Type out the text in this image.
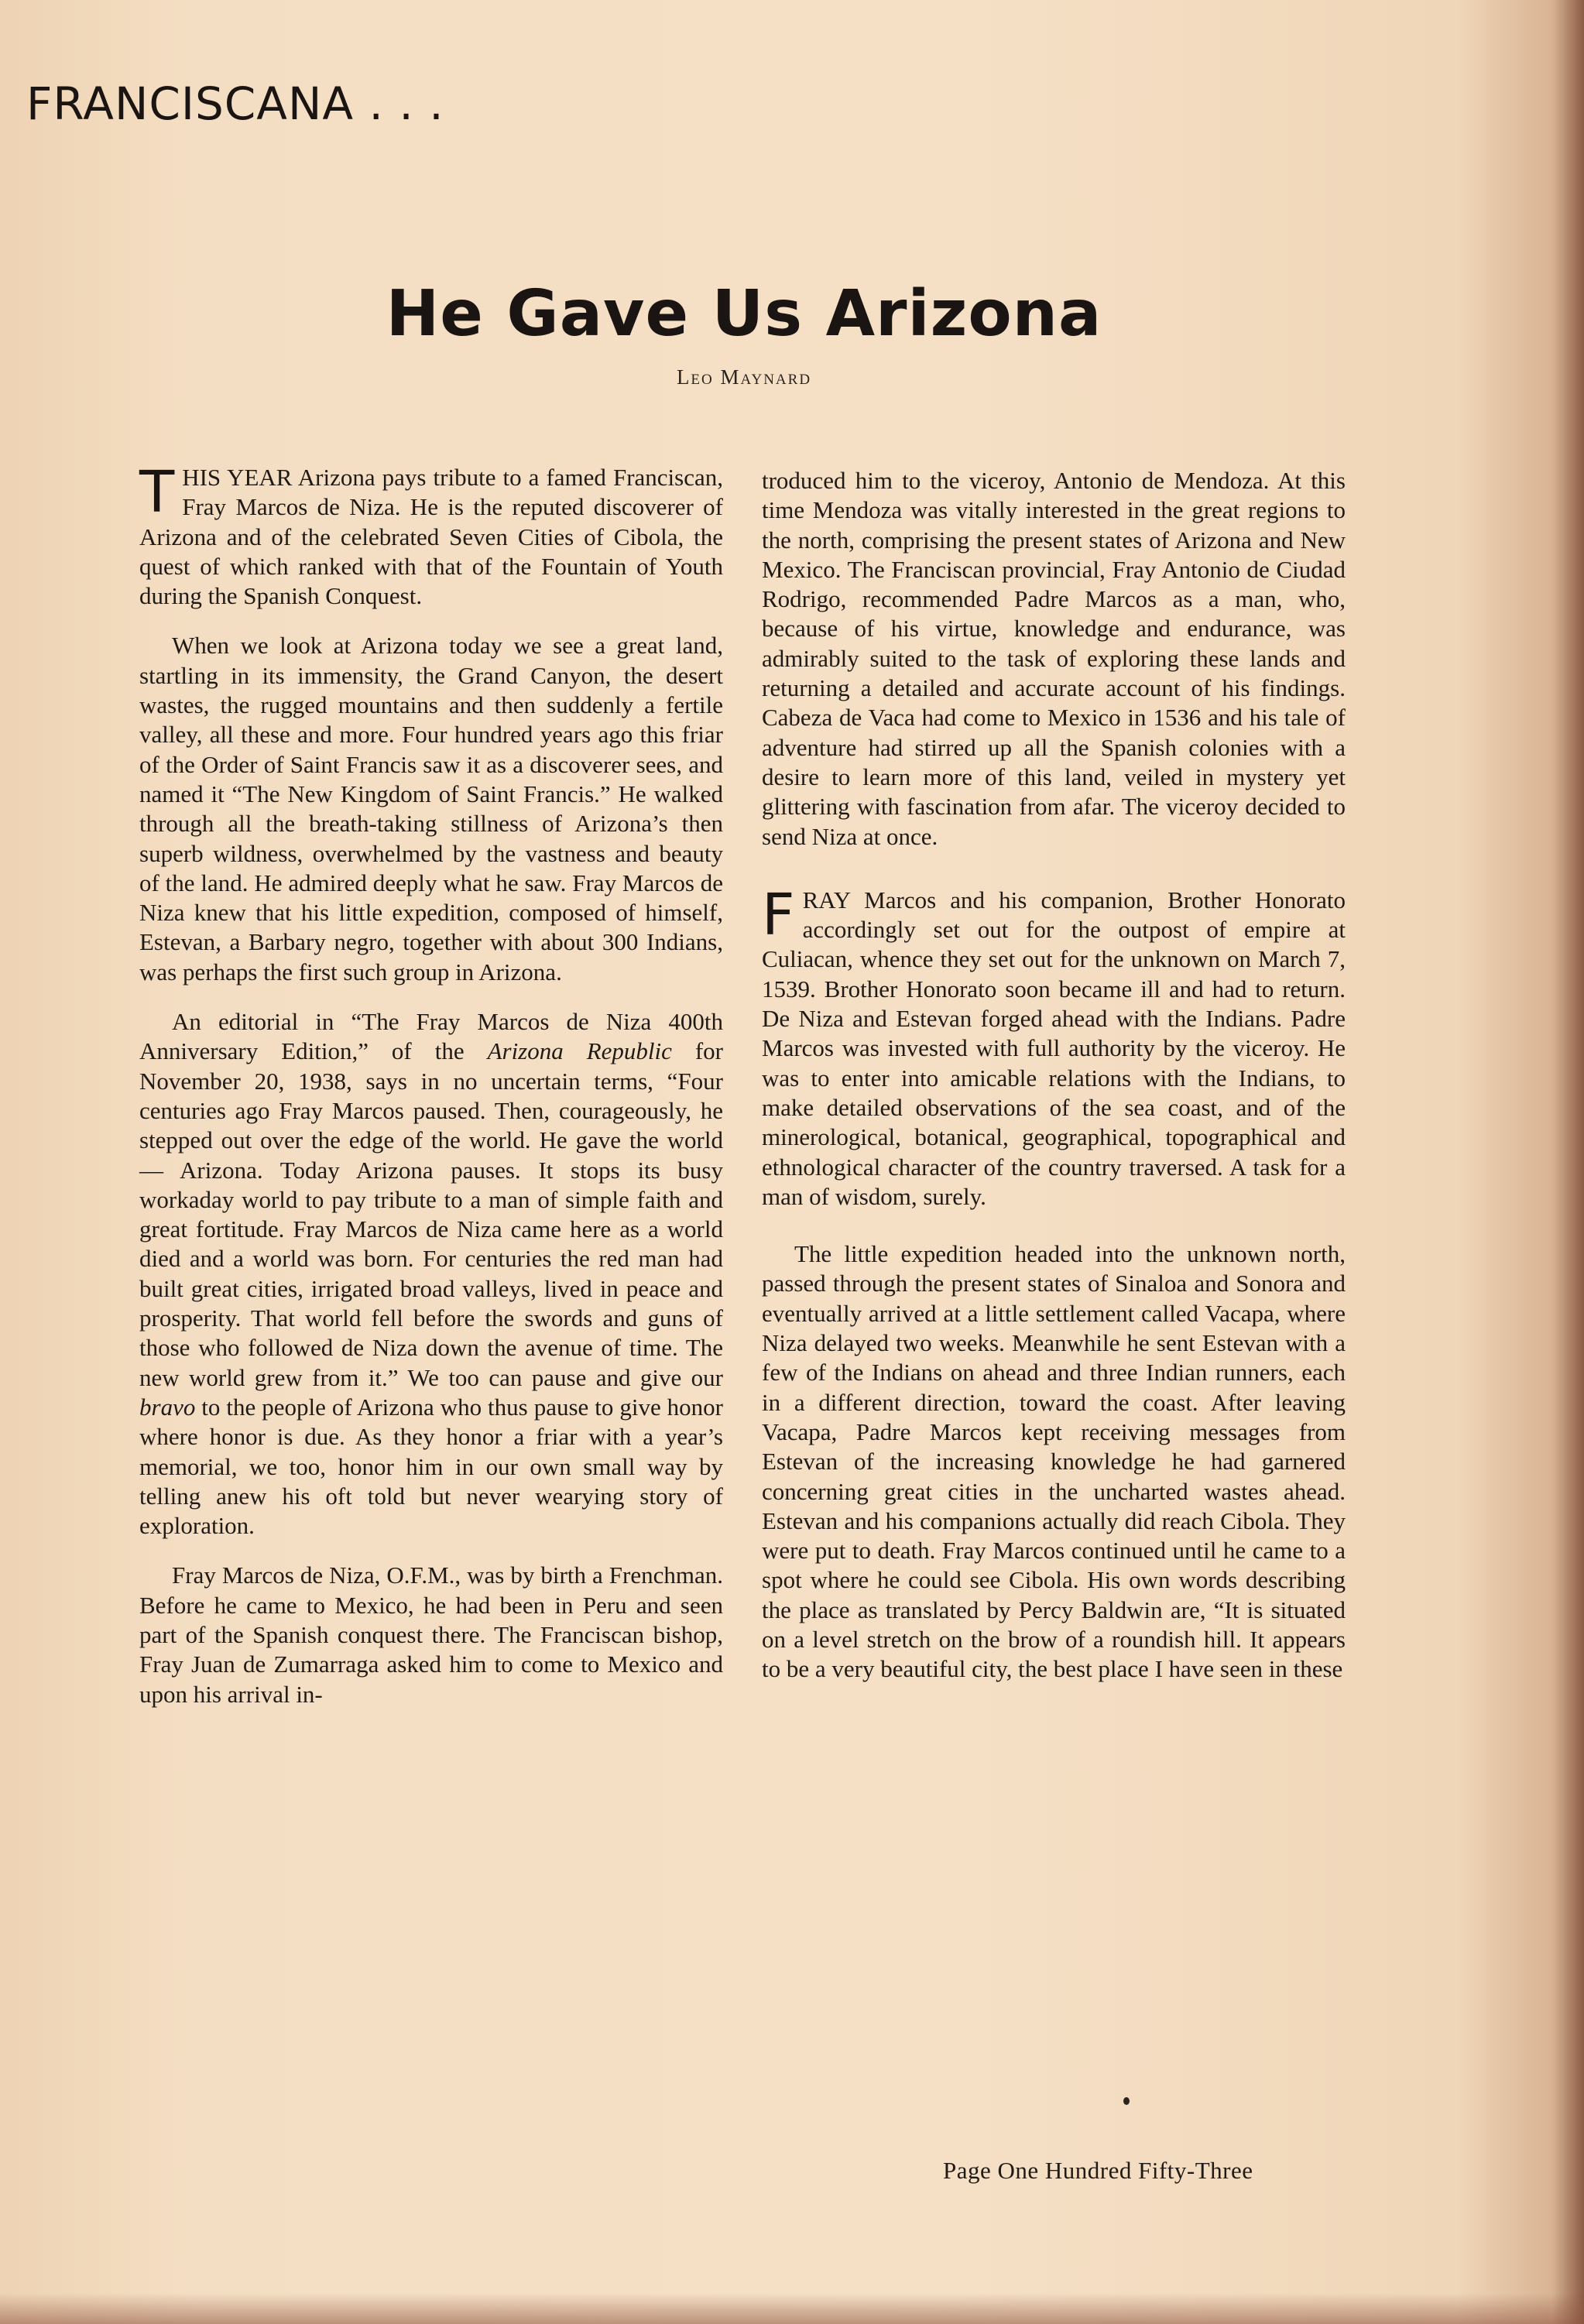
FRANCISCANA . . .
He Gave Us Arizona
Leo Maynard

THIS YEAR Arizona pays tribute to a famed Franciscan, Fray Marcos de Niza. He is the reputed discoverer of Arizona and of the celebrated Seven Cities of Cibola, the quest of which ranked with that of the Fountain of Youth during the Spanish Conquest.

When we look at Arizona today we see a great land, startling in its immensity, the Grand Canyon, the desert wastes, the rugged mountains and then suddenly a fertile valley, all these and more. Four hundred years ago this friar of the Order of Saint Francis saw it as a discoverer sees, and named it “The New Kingdom of Saint Francis.” He walked through all the breath-taking stillness of Arizona’s then superb wildness, overwhelmed by the vastness and beauty of the land. He admired deeply what he saw. Fray Marcos de Niza knew that his little expedition, composed of himself, Estevan, a Barbary negro, together with about 300 Indians, was perhaps the first such group in Arizona.

An editorial in “The Fray Marcos de Niza 400th Anniversary Edition,” of the Arizona Republic for November 20, 1938, says in no uncertain terms, “Four centuries ago Fray Marcos paused. Then, courageously, he stepped out over the edge of the world. He gave the world — Arizona. Today Arizona pauses. It stops its busy workaday world to pay tribute to a man of simple faith and great fortitude. Fray Marcos de Niza came here as a world died and a world was born. For centuries the red man had built great cities, irrigated broad valleys, lived in peace and prosperity. That world fell before the swords and guns of those who followed de Niza down the avenue of time. The new world grew from it.” We too can pause and give our bravo to the people of Arizona who thus pause to give honor where honor is due. As they honor a friar with a year’s memorial, we too, honor him in our own small way by telling anew his oft told but never wearying story of exploration.

Fray Marcos de Niza, O.F.M., was by birth a Frenchman. Before he came to Mexico, he had been in Peru and seen part of the Spanish conquest there. The Franciscan bishop, Fray Juan de Zumarraga asked him to come to Mexico and upon his arrival in-

troduced him to the viceroy, Antonio de Mendoza. At this time Mendoza was vitally interested in the great regions to the north, comprising the present states of Arizona and New Mexico. The Franciscan provincial, Fray Antonio de Ciudad Rodrigo, recommended Padre Marcos as a man, who, because of his virtue, knowledge and endurance, was admirably suited to the task of exploring these lands and returning a detailed and accurate account of his findings. Cabeza de Vaca had come to Mexico in 1536 and his tale of adventure had stirred up all the Spanish colonies with a desire to learn more of this land, veiled in mystery yet glittering with fascination from afar. The viceroy decided to send Niza at once.

FRAY Marcos and his companion, Brother Honorato accordingly set out for the outpost of empire at Culiacan, whence they set out for the unknown on March 7, 1539. Brother Honorato soon became ill and had to return. De Niza and Estevan forged ahead with the Indians. Padre Marcos was invested with full authority by the viceroy. He was to enter into amicable relations with the Indians, to make detailed observations of the sea coast, and of the minerological, botanical, geographical, topographical and ethnological character of the country traversed. A task for a man of wisdom, surely.

The little expedition headed into the unknown north, passed through the present states of Sinaloa and Sonora and eventually arrived at a little settlement called Vacapa, where Niza delayed two weeks. Meanwhile he sent Estevan with a few of the Indians on ahead and three Indian runners, each in a different direction, toward the coast. After leaving Vacapa, Padre Marcos kept receiving messages from Estevan of the increasing knowledge he had garnered concerning great cities in the uncharted wastes ahead. Estevan and his companions actually did reach Cibola. They were put to death. Fray Marcos continued until he came to a spot where he could see Cibola. His own words describing the place as translated by Percy Baldwin are, “It is situated on a level stretch on the brow of a roundish hill. It appears to be a very beautiful city, the best place I have seen in these

Page One Hundred Fifty-Three
